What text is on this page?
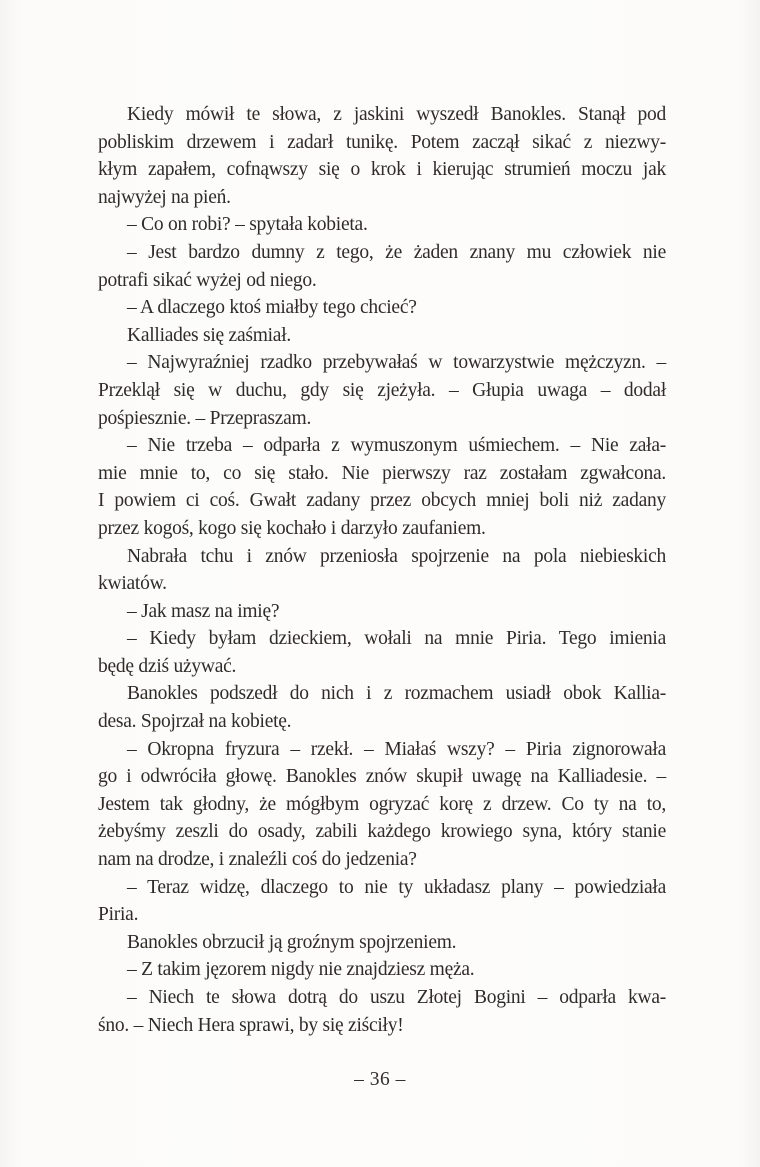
Kiedy mówił te słowa, z jaskini wyszedł Banokles. Stanął pod
pobliskim drzewem i zadarł tunikę. Potem zaczął sikać z niezwy-
kłym zapałem, cofnąwszy się o krok i kierując strumień moczu jak
najwyżej na pień.
– Co on robi? – spytała kobieta.
– Jest bardzo dumny z tego, że żaden znany mu człowiek nie
potrafi sikać wyżej od niego.
– A dlaczego ktoś miałby tego chcieć?
Kalliades się zaśmiał.
– Najwyraźniej rzadko przebywałaś w towarzystwie mężczyzn. –
Przeklął się w duchu, gdy się zjeżyła. – Głupia uwaga – dodał
pośpiesznie. – Przepraszam.
– Nie trzeba – odparła z wymuszonym uśmiechem. – Nie zała-
mie mnie to, co się stało. Nie pierwszy raz zostałam zgwałcona.
I powiem ci coś. Gwałt zadany przez obcych mniej boli niż zadany
przez kogoś, kogo się kochało i darzyło zaufaniem.
Nabrała tchu i znów przeniosła spojrzenie na pola niebieskich
kwiatów.
– Jak masz na imię?
– Kiedy byłam dzieckiem, wołali na mnie Piria. Tego imienia
będę dziś używać.
Banokles podszedł do nich i z rozmachem usiadł obok Kallia-
desa. Spojrzał na kobietę.
– Okropna fryzura – rzekł. – Miałaś wszy? – Piria zignorowała
go i odwróciła głowę. Banokles znów skupił uwagę na Kalliadesie. –
Jestem tak głodny, że mógłbym ogryzać korę z drzew. Co ty na to,
żebyśmy zeszli do osady, zabili każdego krowiego syna, który stanie
nam na drodze, i znaleźli coś do jedzenia?
– Teraz widzę, dlaczego to nie ty układasz plany – powiedziała
Piria.
Banokles obrzucił ją groźnym spojrzeniem.
– Z takim jęzorem nigdy nie znajdziesz męża.
– Niech te słowa dotrą do uszu Złotej Bogini – odparła kwa-
śno. – Niech Hera sprawi, by się ziściły!
– 36 –
